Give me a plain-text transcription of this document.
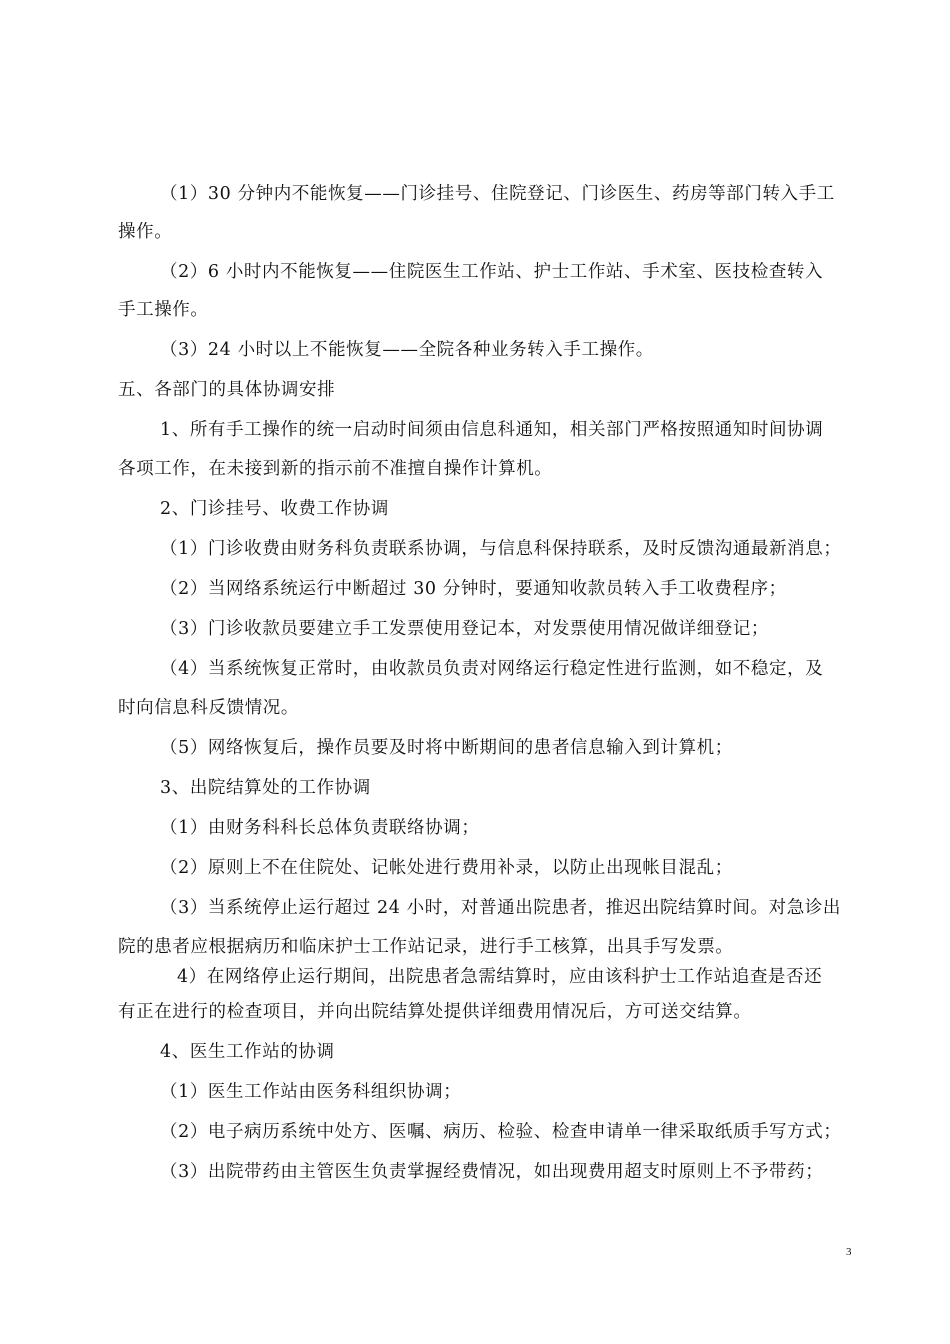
（1）30 分钟内不能恢复——门诊挂号、住院登记、门诊医生、药房等部门转入手工
操作。
（2）6 小时内不能恢复——住院医生工作站、护士工作站、手术室、医技检查转入
手工操作。
（3）24 小时以上不能恢复——全院各种业务转入手工操作。
五、各部门的具体协调安排
1、所有手工操作的统一启动时间须由信息科通知，相关部门严格按照通知时间协调
各项工作，在未接到新的指示前不准擅自操作计算机。
2、门诊挂号、收费工作协调
（1）门诊收费由财务科负责联系协调，与信息科保持联系，及时反馈沟通最新消息；
（2）当网络系统运行中断超过 30 分钟时，要通知收款员转入手工收费程序；
（3）门诊收款员要建立手工发票使用登记本，对发票使用情况做详细登记；
（4）当系统恢复正常时，由收款员负责对网络运行稳定性进行监测，如不稳定，及
时向信息科反馈情况。
（5）网络恢复后，操作员要及时将中断期间的患者信息输入到计算机；
3、出院结算处的工作协调
（1）由财务科科长总体负责联络协调；
（2）原则上不在住院处、记帐处进行费用补录，以防止出现帐目混乱；
（3）当系统停止运行超过 24 小时，对普通出院患者，推迟出院结算时间。对急诊出
院的患者应根据病历和临床护士工作站记录，进行手工核算，出具手写发票。
4）在网络停止运行期间，出院患者急需结算时，应由该科护士工作站追查是否还
有正在进行的检查项目，并向出院结算处提供详细费用情况后，方可送交结算。
4、医生工作站的协调
（1）医生工作站由医务科组织协调；
（2）电子病历系统中处方、医嘱、病历、检验、检查申请单一律采取纸质手写方式；
（3）出院带药由主管医生负责掌握经费情况，如出现费用超支时原则上不予带药；
3
